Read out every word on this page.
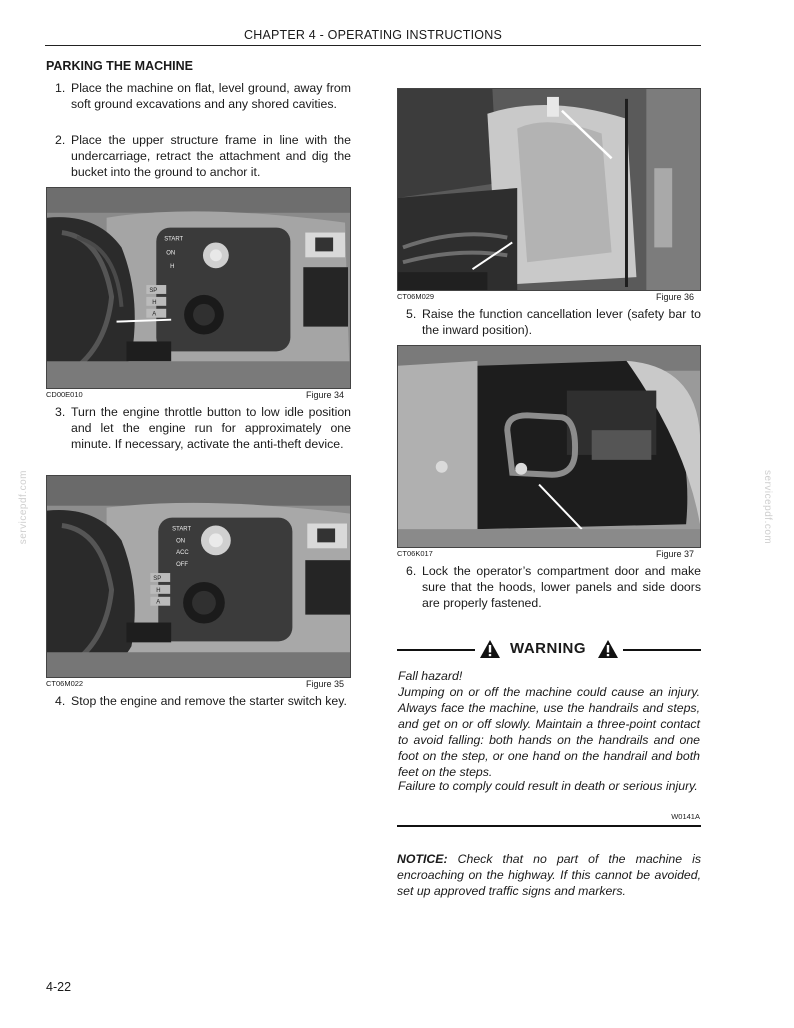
CHAPTER 4 - OPERATING INSTRUCTIONS
PARKING THE MACHINE
1. Place the machine on flat, level ground, away from soft ground excavations and any shored cavities.
2. Place the upper structure frame in line with the undercarriage, retract the attachment and dig the bucket into the ground to anchor it.
START
ON
H
SP
H
A
CD00E010	Figure 34
3. Turn the engine throttle button to low idle position and let the engine run for approximately one minute. If necessary, activate the anti-theft device.
START
ON
ACC
OFF
SP
H
A
CT06M022	Figure 35
4. Stop the engine and remove the starter switch key.
CT06M029	Figure 36
5. Raise the function cancellation lever (safety bar to the inward position).
CT06K017	Figure 37
6. Lock the operator’s compartment door and make sure that the hoods, lower panels and side doors are properly fastened.
WARNING
Fall hazard!
Jumping on or off the machine could cause an injury. Always face the machine, use the handrails and steps, and get on or off slowly. Maintain a three-point contact to avoid falling: both hands on the handrails and one foot on the step, or one hand on the handrail and both feet on the steps.
Failure to comply could result in death or serious injury.
W0141A
NOTICE: Check that no part of the machine is encroaching on the highway. If this cannot be avoided, set up approved traffic signs and markers.
4-22
servicepdf.com	servicepdf.com
